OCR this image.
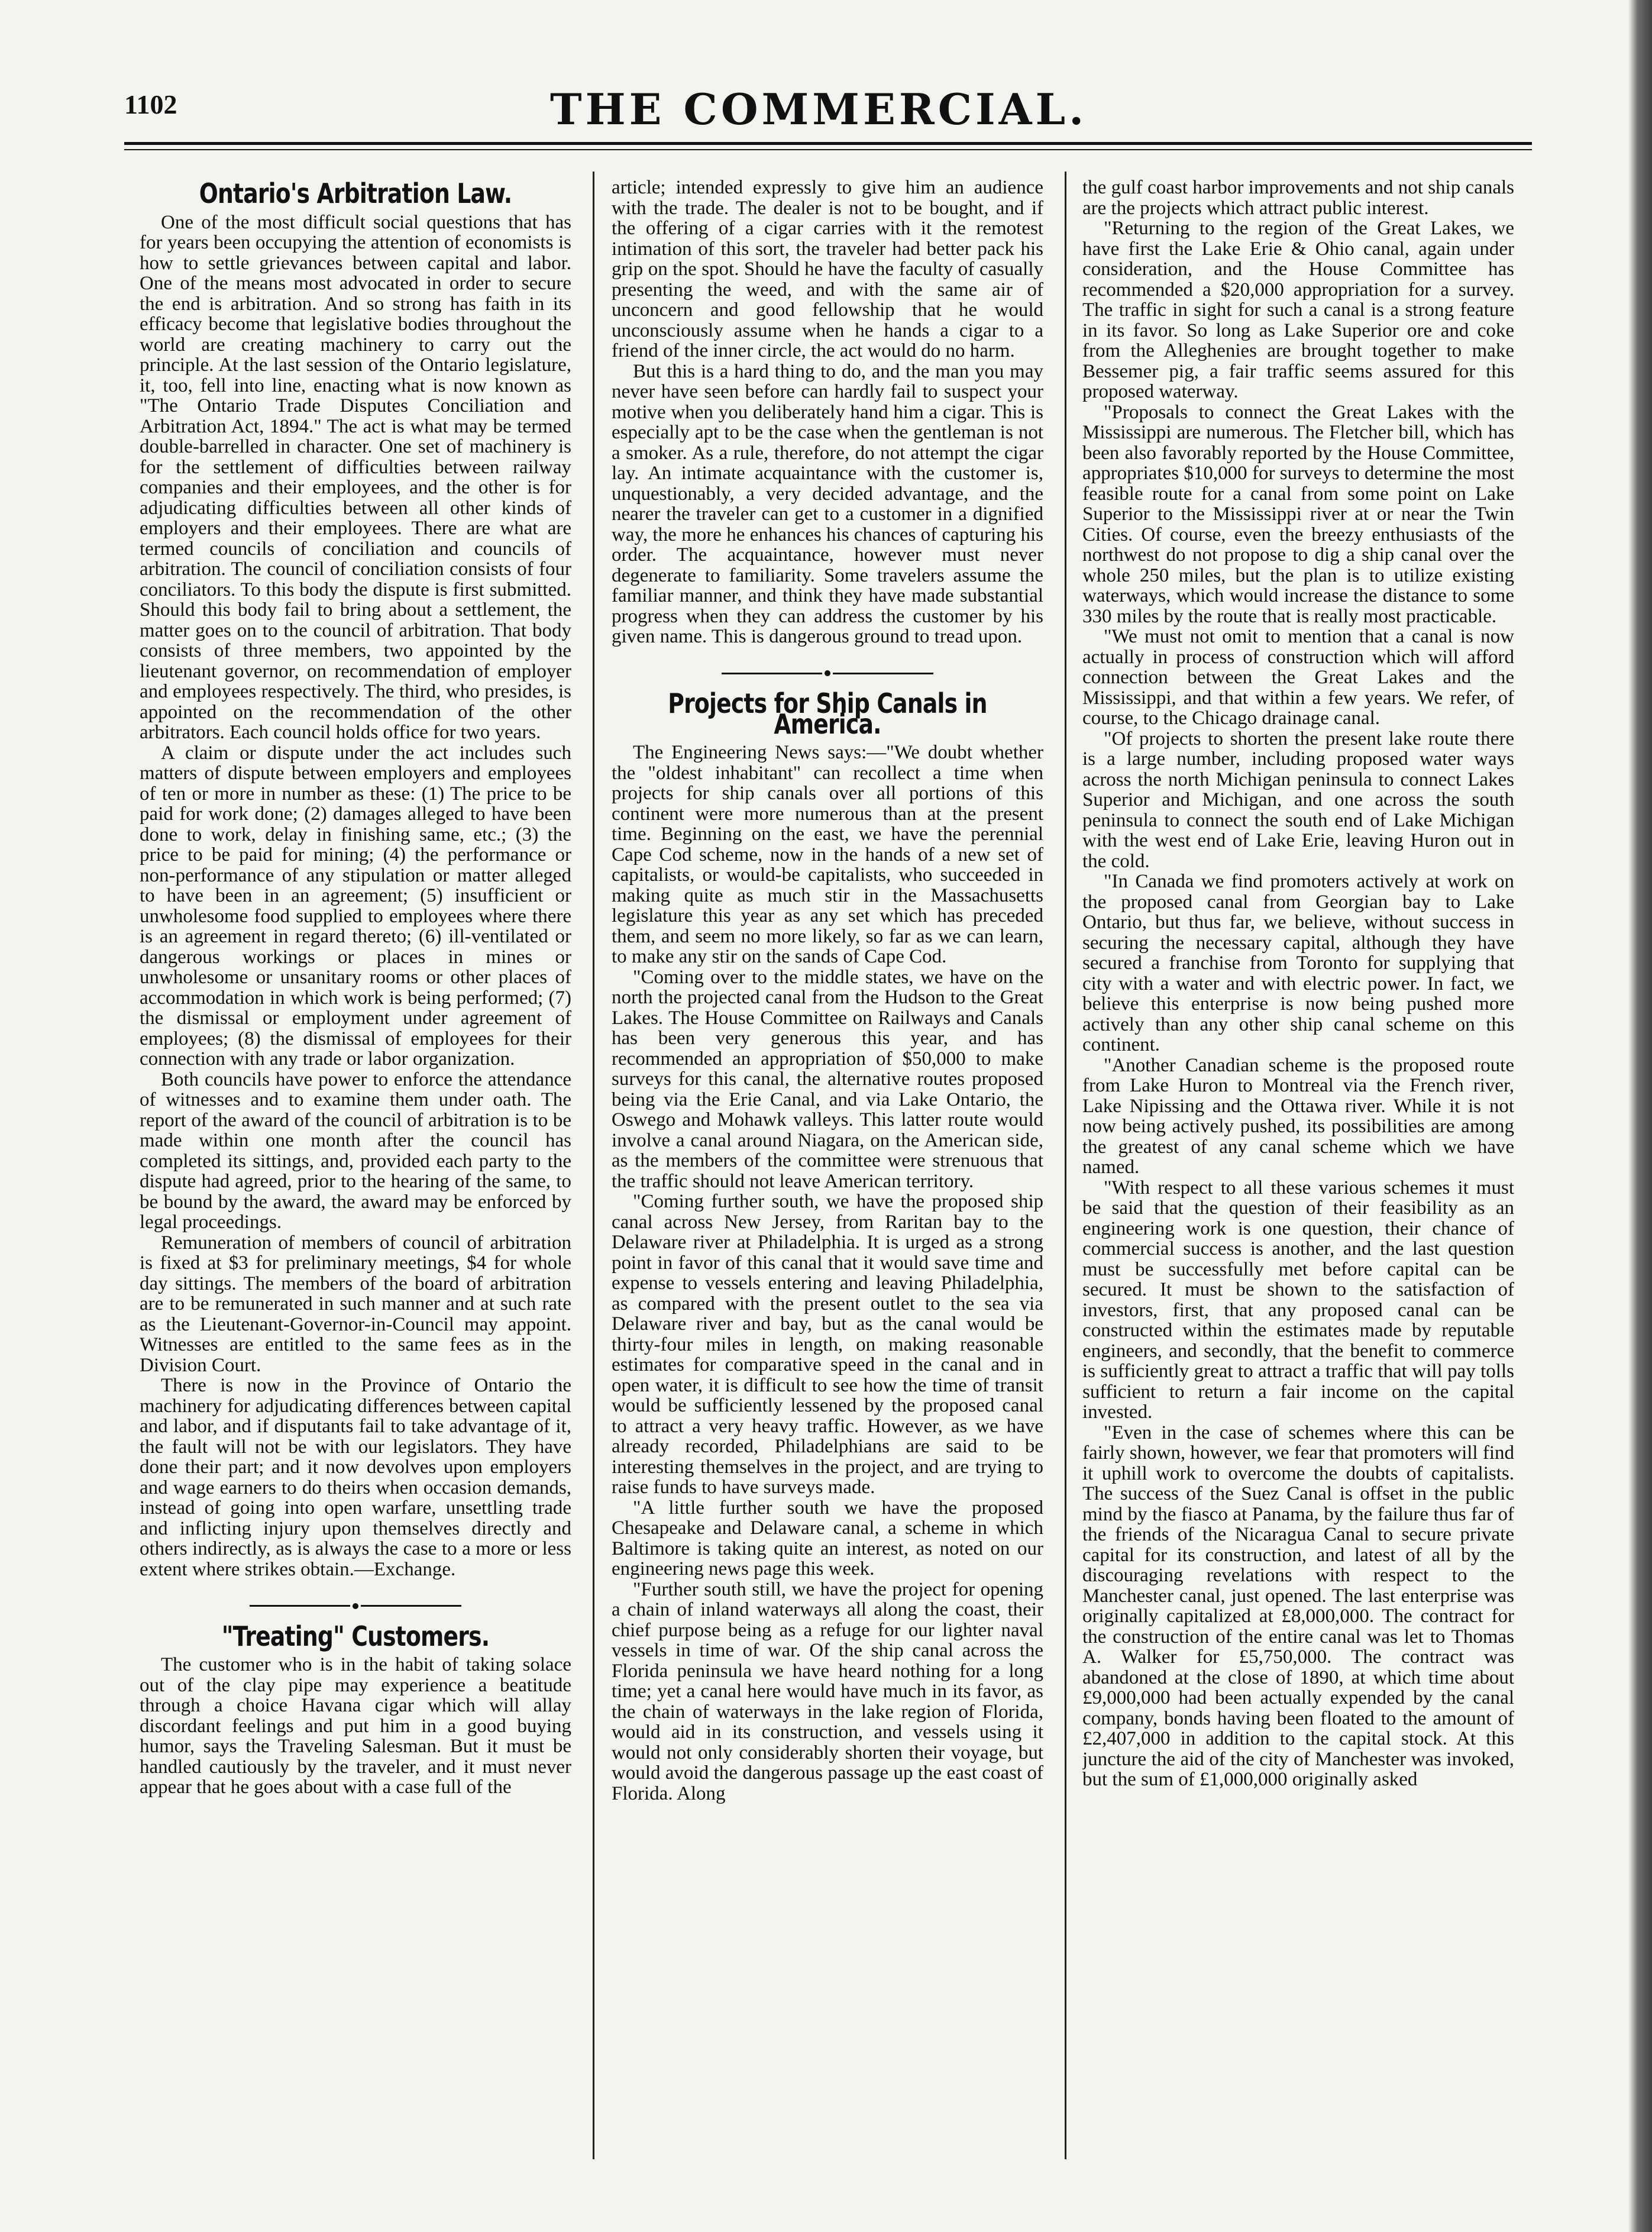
1102	THE COMMERCIAL.
Ontario's Arbitration Law.

One of the most difficult social questions that has for years been occupying the attention of economists is how to settle grievances between capital and labor. One of the means most advocated in order to secure the end is arbitration. And so strong has faith in its efficacy become that legislative bodies throughout the world are creating machinery to carry out the principle. At the last session of the Ontario legislature, it, too, fell into line, enacting what is now known as "The Ontario Trade Disputes Conciliation and Arbitration Act, 1894." The act is what may be termed double-barrelled in character. One set of machinery is for the settlement of difficulties between railway companies and their employees, and the other is for adjudicating difficulties between all other kinds of employers and their employees. There are what are termed councils of conciliation and councils of arbitration. The council of conciliation consists of four conciliators. To this body the dispute is first submitted. Should this body fail to bring about a settlement, the matter goes on to the council of arbitration. That body consists of three members, two appointed by the lieutenant governor, on recommendation of employer and employees respectively. The third, who presides, is appointed on the recommendation of the other arbitrators. Each council holds office for two years.

A claim or dispute under the act includes such matters of dispute between employers and employees of ten or more in number as these: (1) The price to be paid for work done; (2) damages alleged to have been done to work, delay in finishing same, etc.; (3) the price to be paid for mining; (4) the performance or non-performance of any stipulation or matter alleged to have been in an agreement; (5) insufficient or unwholesome food supplied to employees where there is an agreement in regard thereto; (6) ill-ventilated or dangerous workings or places in mines or unwholesome or unsanitary rooms or other places of accommodation in which work is being performed; (7) the dismissal or employment under agreement of employees; (8) the dismissal of employees for their connection with any trade or labor organization.

Both councils have power to enforce the attendance of witnesses and to examine them under oath. The report of the award of the council of arbitration is to be made within one month after the council has completed its sittings, and, provided each party to the dispute had agreed, prior to the hearing of the same, to be bound by the award, the award may be enforced by legal proceedings.

Remuneration of members of council of arbitration is fixed at $3 for preliminary meetings, $4 for whole day sittings. The members of the board of arbitration are to be remunerated in such manner and at such rate as the Lieutenant-Governor-in-Council may appoint. Witnesses are entitled to the same fees as in the Division Court.

There is now in the Province of Ontario the machinery for adjudicating differences between capital and labor, and if disputants fail to take advantage of it, the fault will not be with our legislators. They have done their part; and it now devolves upon employers and wage earners to do theirs when occasion demands, instead of going into open warfare, unsettling trade and inflicting injury upon themselves directly and others indirectly, as is always the case to a more or less extent where strikes obtain.—Exchange.

"Treating" Customers.

The customer who is in the habit of taking solace out of the clay pipe may experience a beatitude through a choice Havana cigar which will allay discordant feelings and put him in a good buying humor, says the Traveling Salesman. But it must be handled cautiously by the traveler, and it must never appear that he goes about with a case full of the

article; intended expressly to give him an audience with the trade. The dealer is not to be bought, and if the offering of a cigar carries with it the remotest intimation of this sort, the traveler had better pack his grip on the spot. Should he have the faculty of casually presenting the weed, and with the same air of unconcern and good fellowship that he would unconsciously assume when he hands a cigar to a friend of the inner circle, the act would do no harm.

But this is a hard thing to do, and the man you may never have seen before can hardly fail to suspect your motive when you deliberately hand him a cigar. This is especially apt to be the case when the gentleman is not a smoker. As a rule, therefore, do not attempt the cigar lay. An intimate acquaintance with the customer is, unquestionably, a very decided advantage, and the nearer the traveler can get to a customer in a dignified way, the more he enhances his chances of capturing his order. The acquaintance, however must never degenerate to familiarity. Some travelers assume the familiar manner, and think they have made substantial progress when they can address the customer by his given name. This is dangerous ground to tread upon.

Projects for Ship Canals in America.

The Engineering News says:—"We doubt whether the "oldest inhabitant" can recollect a time when projects for ship canals over all portions of this continent were more numerous than at the present time. Beginning on the east, we have the perennial Cape Cod scheme, now in the hands of a new set of capitalists, or would-be capitalists, who succeeded in making quite as much stir in the Massachusetts legislature this year as any set which has preceded them, and seem no more likely, so far as we can learn, to make any stir on the sands of Cape Cod.

"Coming over to the middle states, we have on the north the projected canal from the Hudson to the Great Lakes. The House Committee on Railways and Canals has been very generous this year, and has recommended an appropriation of $50,000 to make surveys for this canal, the alternative routes proposed being via the Erie Canal, and via Lake Ontario, the Oswego and Mohawk valleys. This latter route would involve a canal around Niagara, on the American side, as the members of the committee were strenuous that the traffic should not leave American territory.

"Coming further south, we have the proposed ship canal across New Jersey, from Raritan bay to the Delaware river at Philadelphia. It is urged as a strong point in favor of this canal that it would save time and expense to vessels entering and leaving Philadelphia, as compared with the present outlet to the sea via Delaware river and bay, but as the canal would be thirty-four miles in length, on making reasonable estimates for comparative speed in the canal and in open water, it is difficult to see how the time of transit would be sufficiently lessened by the proposed canal to attract a very heavy traffic. However, as we have already recorded, Philadelphians are said to be interesting themselves in the project, and are trying to raise funds to have surveys made.

"A little further south we have the proposed Chesapeake and Delaware canal, a scheme in which Baltimore is taking quite an interest, as noted on our engineering news page this week.

"Further south still, we have the project for opening a chain of inland waterways all along the coast, their chief purpose being as a refuge for our lighter naval vessels in time of war. Of the ship canal across the Florida peninsula we have heard nothing for a long time; yet a canal here would have much in its favor, as the chain of waterways in the lake region of Florida, would aid in its construction, and vessels using it would not only considerably shorten their voyage, but would avoid the dangerous passage up the east coast of Florida. Along

the gulf coast harbor improvements and not ship canals are the projects which attract public interest.

"Returning to the region of the Great Lakes, we have first the Lake Erie & Ohio canal, again under consideration, and the House Committee has recommended a $20,000 appropriation for a survey. The traffic in sight for such a canal is a strong feature in its favor. So long as Lake Superior ore and coke from the Alleghenies are brought together to make Bessemer pig, a fair traffic seems assured for this proposed waterway.

"Proposals to connect the Great Lakes with the Mississippi are numerous. The Fletcher bill, which has been also favorably reported by the House Committee, appropriates $10,000 for surveys to determine the most feasible route for a canal from some point on Lake Superior to the Mississippi river at or near the Twin Cities. Of course, even the breezy enthusiasts of the northwest do not propose to dig a ship canal over the whole 250 miles, but the plan is to utilize existing waterways, which would increase the distance to some 330 miles by the route that is really most practicable.

"We must not omit to mention that a canal is now actually in process of construction which will afford connection between the Great Lakes and the Mississippi, and that within a few years. We refer, of course, to the Chicago drainage canal.

"Of projects to shorten the present lake route there is a large number, including proposed water ways across the north Michigan peninsula to connect Lakes Superior and Michigan, and one across the south peninsula to connect the south end of Lake Michigan with the west end of Lake Erie, leaving Huron out in the cold.

"In Canada we find promoters actively at work on the proposed canal from Georgian bay to Lake Ontario, but thus far, we believe, without success in securing the necessary capital, although they have secured a franchise from Toronto for supplying that city with a water and with electric power. In fact, we believe this enterprise is now being pushed more actively than any other ship canal scheme on this continent.

"Another Canadian scheme is the proposed route from Lake Huron to Montreal via the French river, Lake Nipissing and the Ottawa river. While it is not now being actively pushed, its possibilities are among the greatest of any canal scheme which we have named.

"With respect to all these various schemes it must be said that the question of their feasibility as an engineering work is one question, their chance of commercial success is another, and the last question must be successfully met before capital can be secured. It must be shown to the satisfaction of investors, first, that any proposed canal can be constructed within the estimates made by reputable engineers, and secondly, that the benefit to commerce is sufficiently great to attract a traffic that will pay tolls sufficient to return a fair income on the capital invested.

"Even in the case of schemes where this can be fairly shown, however, we fear that promoters will find it uphill work to overcome the doubts of capitalists. The success of the Suez Canal is offset in the public mind by the fiasco at Panama, by the failure thus far of the friends of the Nicaragua Canal to secure private capital for its construction, and latest of all by the discouraging revelations with respect to the Manchester canal, just opened. The last enterprise was originally capitalized at £8,000,000. The contract for the construction of the entire canal was let to Thomas A. Walker for £5,750,000. The contract was abandoned at the close of 1890, at which time about £9,000,000 had been actually expended by the canal company, bonds having been floated to the amount of £2,407,000 in addition to the capital stock. At this juncture the aid of the city of Manchester was invoked, but the sum of £1,000,000 originally asked
